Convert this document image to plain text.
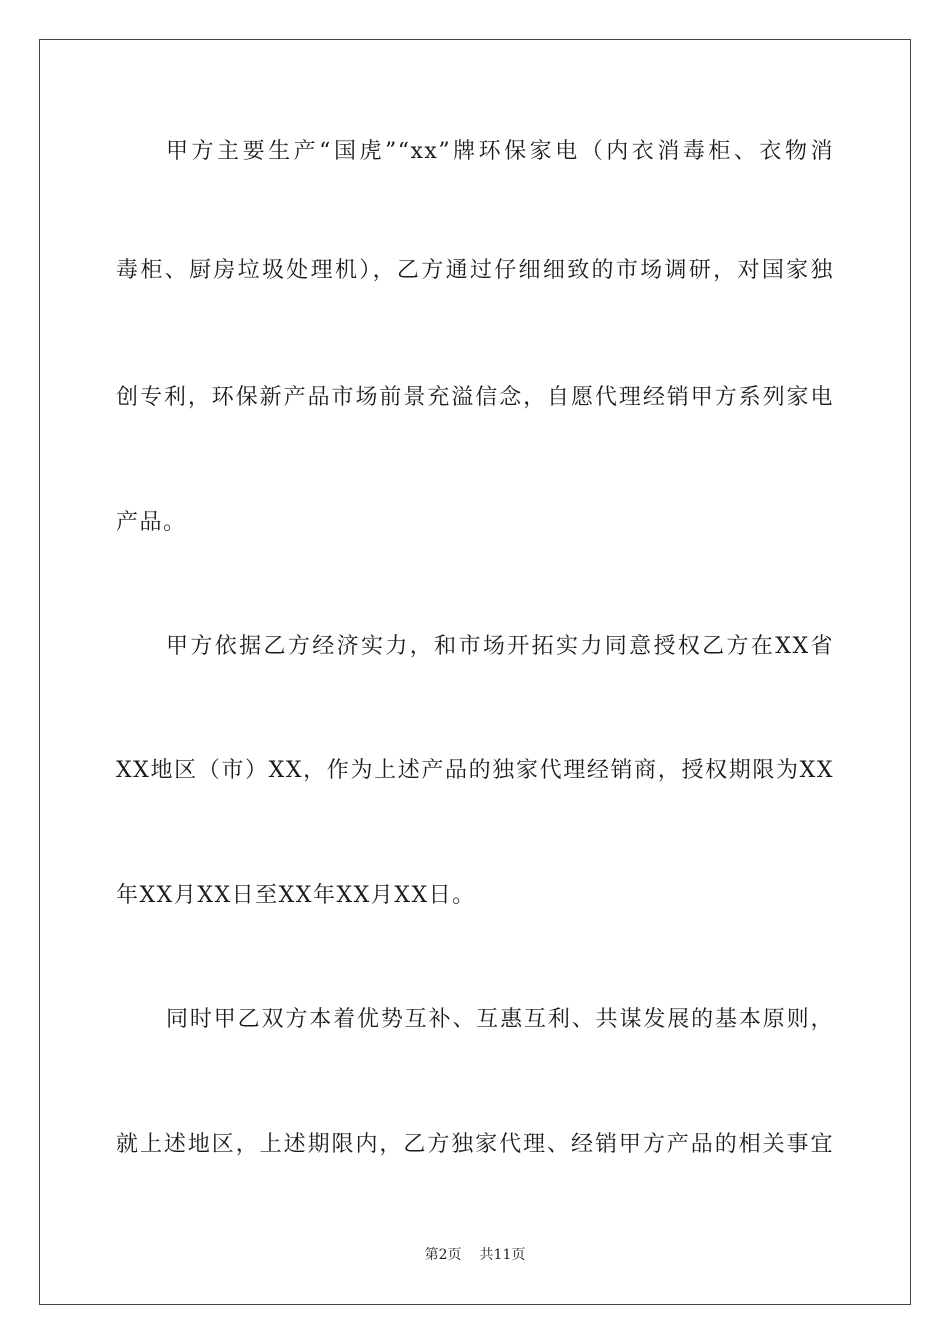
甲方主要生产“国虎”“xx”牌环保家电（内衣消毒柜、衣物消
毒柜、厨房垃圾处理机），乙方通过仔细细致的市场调研，对国家独
创专利，环保新产品市场前景充溢信念，自愿代理经销甲方系列家电
产品。
甲方依据乙方经济实力，和市场开拓实力同意授权乙方在XX省
XX地区（市）XX，作为上述产品的独家代理经销商，授权期限为XX
年XX月XX日至XX年XX月XX日。
同时甲乙双方本着优势互补、互惠互利、共谋发展的基本原则，
就上述地区，上述期限内，乙方独家代理、经销甲方产品的相关事宜
第2页 共11页
